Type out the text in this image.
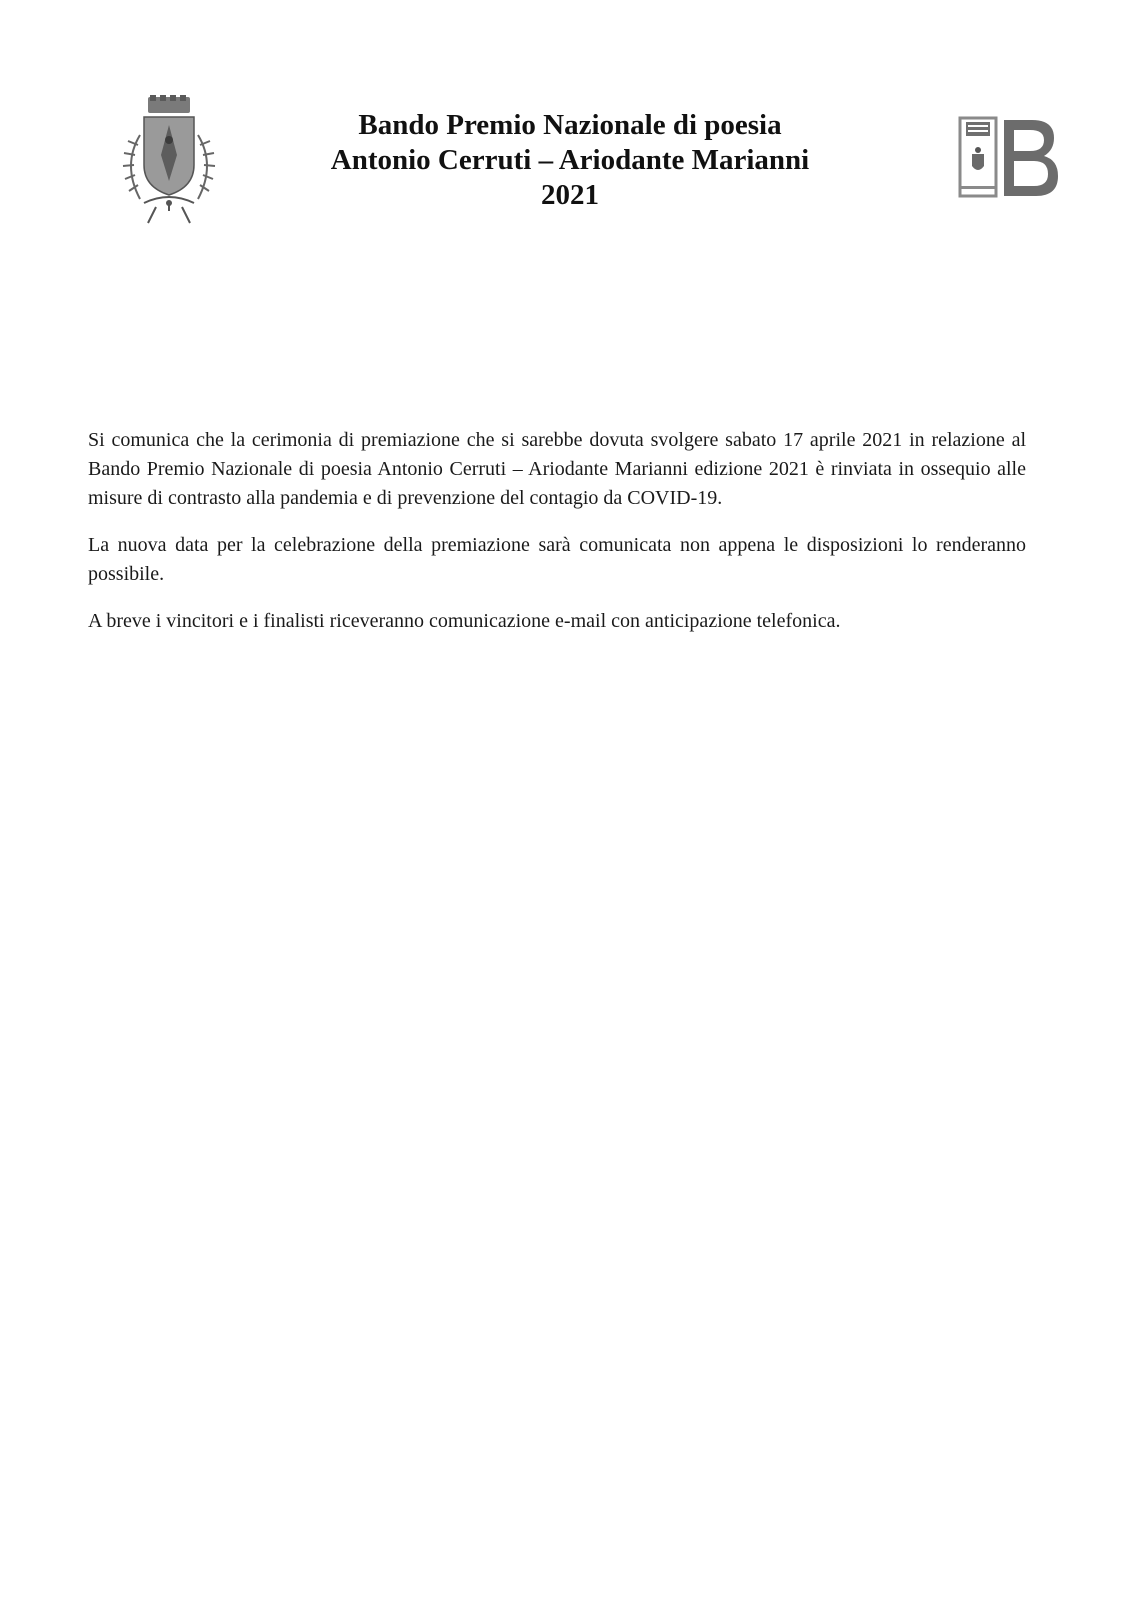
Bando Premio Nazionale di poesia
Antonio Cerruti – Ariodante Marianni
2021

Si comunica che la cerimonia di premiazione che si sarebbe dovuta svolgere sabato 17 aprile 2021 in relazione al Bando Premio Nazionale di poesia Antonio Cerruti – Ariodante Marianni edizione 2021 è rinviata in ossequio alle misure di contrasto alla pandemia e di prevenzione del contagio da COVID-19.

La nuova data per la celebrazione della premiazione sarà comunicata non appena le disposizioni lo renderanno possibile.

A breve i vincitori e i finalisti riceveranno comunicazione e-mail con anticipazione telefonica.
